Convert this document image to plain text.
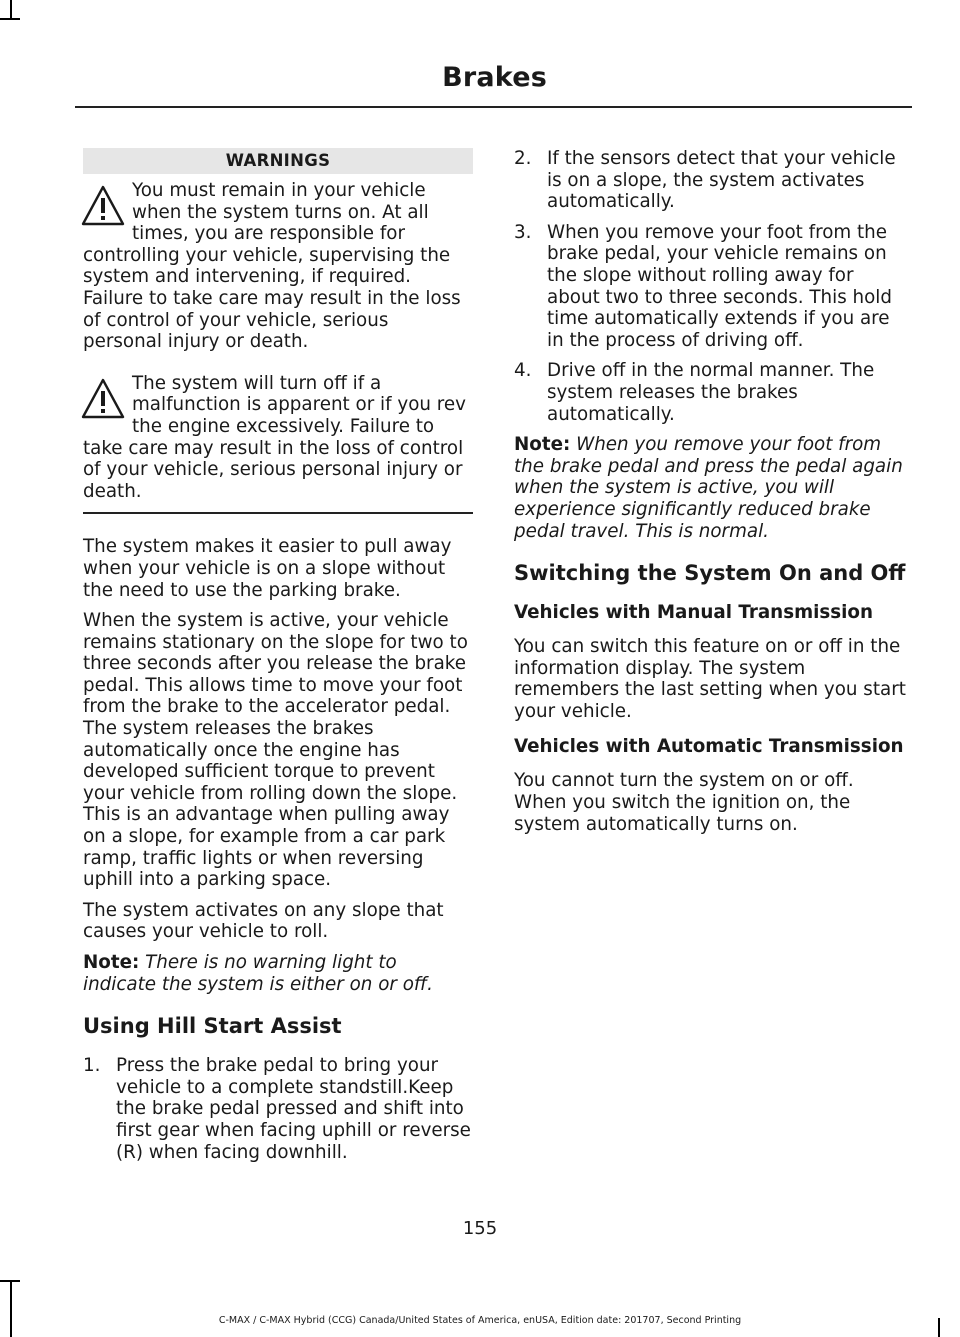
Brakes
WARNINGS

You must remain in your vehicle when the system turns on. At all times, you are responsible for controlling your vehicle, supervising the system and intervening, if required. Failure to take care may result in the loss of control of your vehicle, serious personal injury or death.

The system will turn off if a malfunction is apparent or if you rev the engine excessively. Failure to take care may result in the loss of control of your vehicle, serious personal injury or death.

The system makes it easier to pull away when your vehicle is on a slope without the need to use the parking brake.

When the system is active, your vehicle remains stationary on the slope for two to three seconds after you release the brake pedal. This allows time to move your foot from the brake to the accelerator pedal. The system releases the brakes automatically once the engine has developed sufficient torque to prevent your vehicle from rolling down the slope. This is an advantage when pulling away on a slope, for example from a car park ramp, traffic lights or when reversing uphill into a parking space.

The system activates on any slope that causes your vehicle to roll.

Note: There is no warning light to indicate the system is either on or off.

Using Hill Start Assist
1. Press the brake pedal to bring your vehicle to a complete standstill.Keep the brake pedal pressed and shift into first gear when facing uphill or reverse (R) when facing downhill.
2. If the sensors detect that your vehicle is on a slope, the system activates automatically.
3. When you remove your foot from the brake pedal, your vehicle remains on the slope without rolling away for about two to three seconds. This hold time automatically extends if you are in the process of driving off.
4. Drive off in the normal manner. The system releases the brakes automatically.

Note: When you remove your foot from the brake pedal and press the pedal again when the system is active, you will experience significantly reduced brake pedal travel. This is normal.

Switching the System On and Off
Vehicles with Manual Transmission

You can switch this feature on or off in the information display. The system remembers the last setting when you start your vehicle.

Vehicles with Automatic Transmission

You cannot turn the system on or off. When you switch the ignition on, the system automatically turns on.

155
C-MAX / C-MAX Hybrid (CCG) Canada/United States of America, enUSA, Edition date: 201707, Second Printing
